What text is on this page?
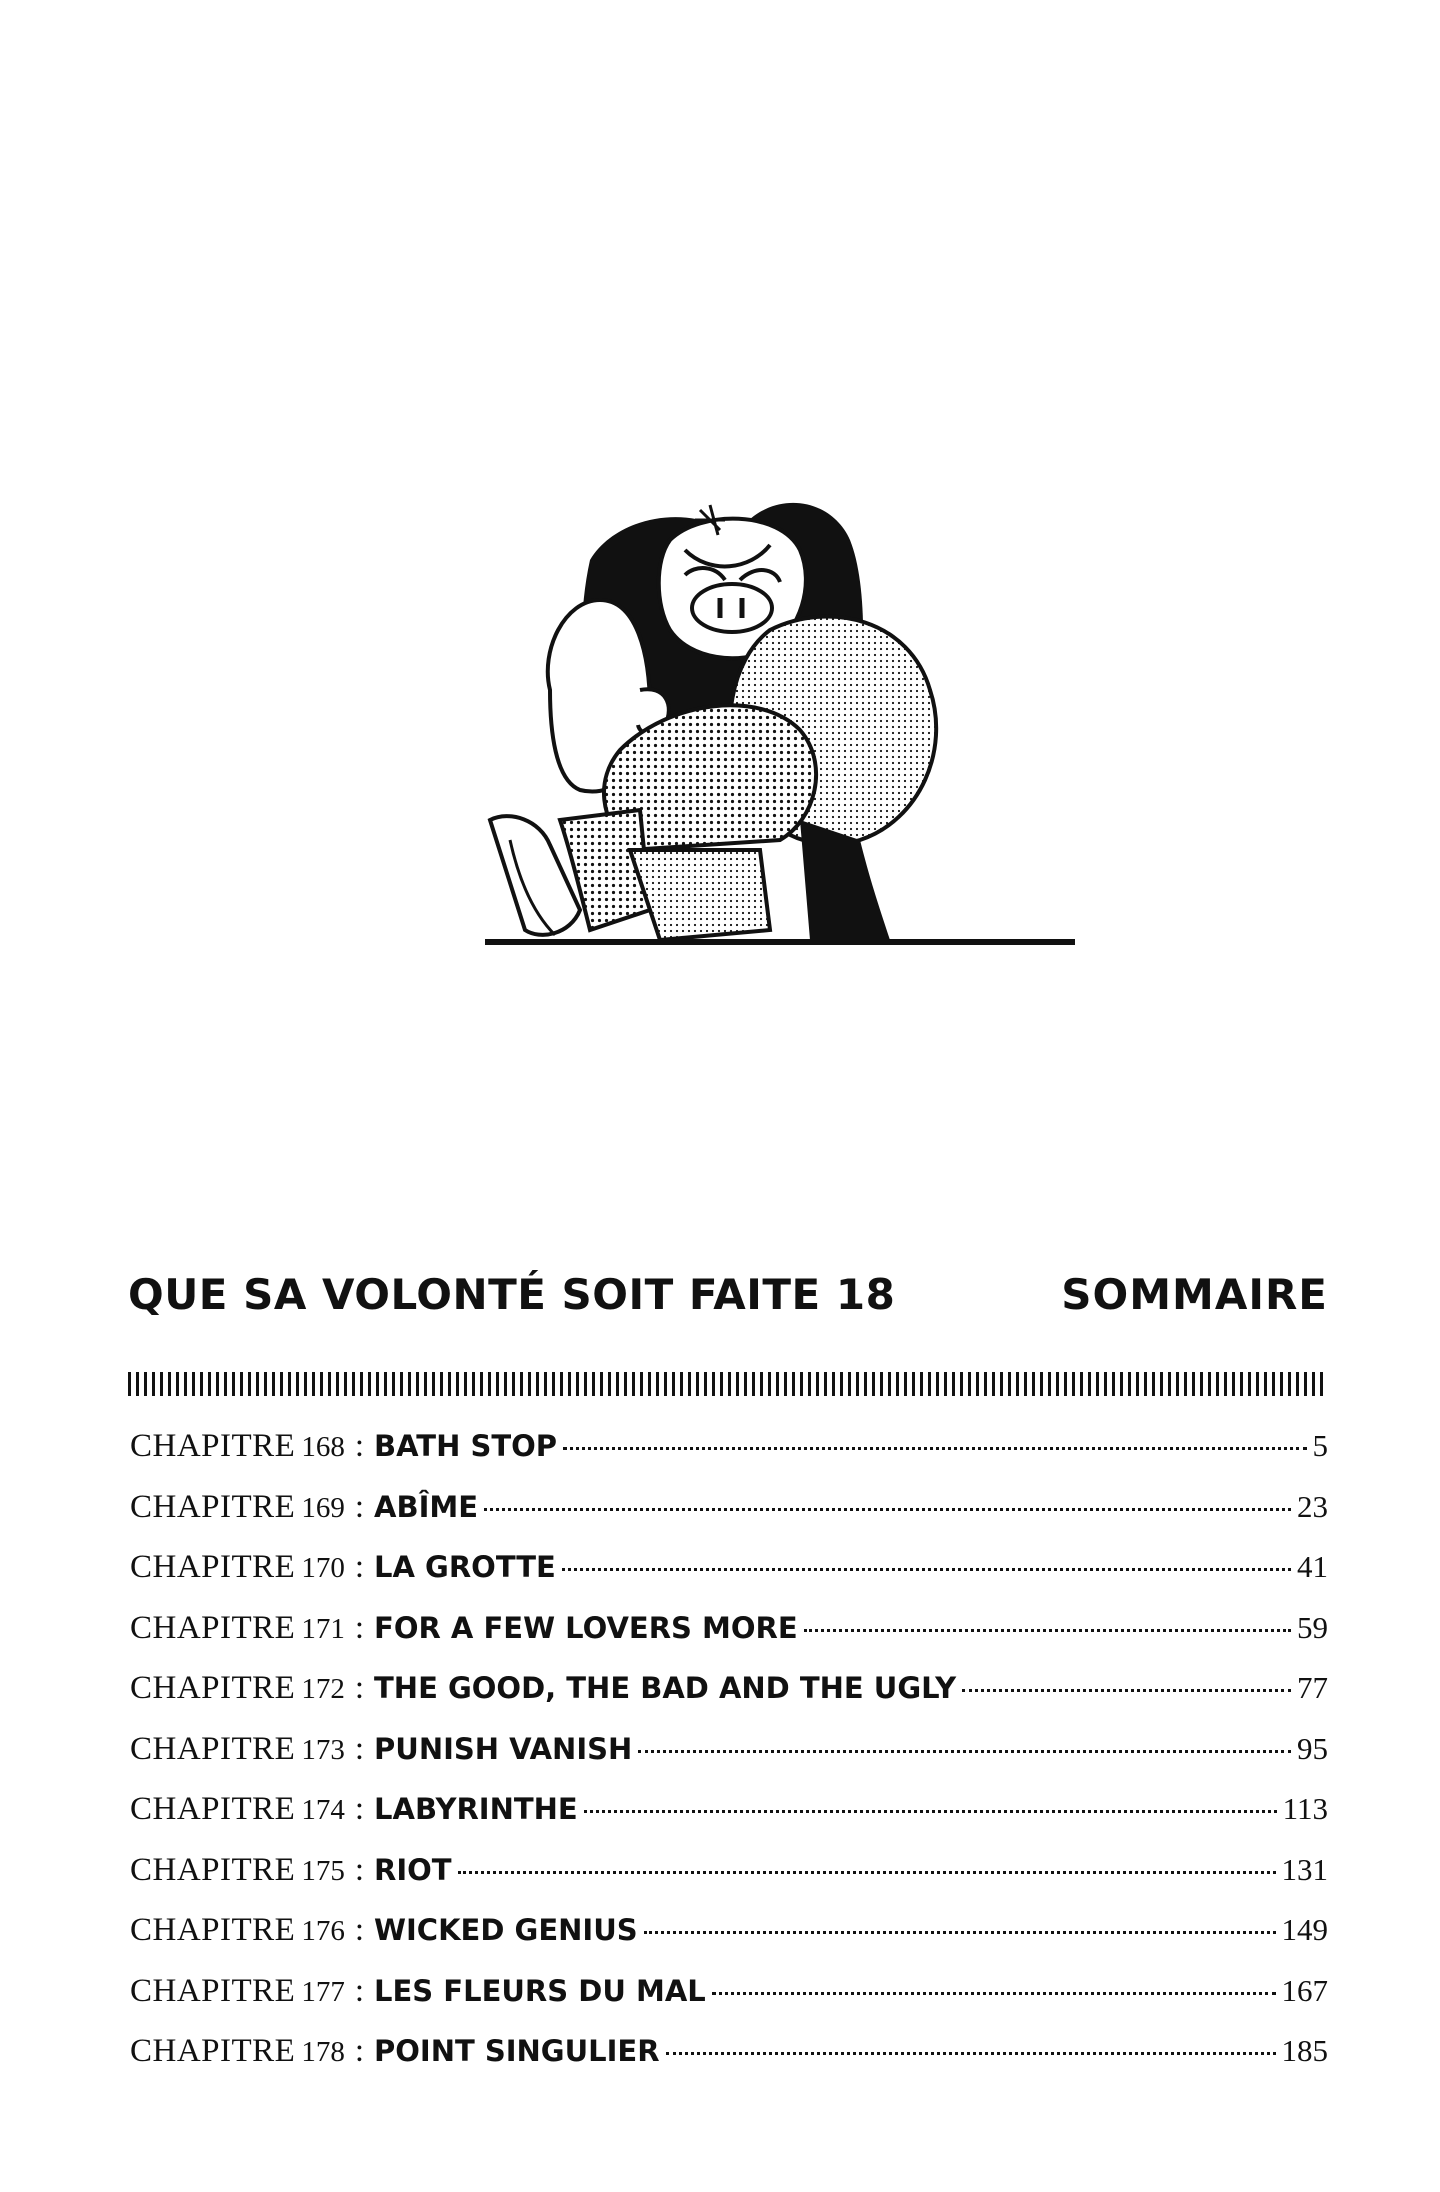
QUE SA VOLONTÉ SOIT FAITE 18	SOMMAIRE
CHAPITRE 168 : BATH STOP	5
CHAPITRE 169 : ABÎME	23
CHAPITRE 170 : LA GROTTE	41
CHAPITRE 171 : FOR A FEW LOVERS MORE	59
CHAPITRE 172 : THE GOOD, THE BAD AND THE UGLY	77
CHAPITRE 173 : PUNISH VANISH	95
CHAPITRE 174 : LABYRINTHE	113
CHAPITRE 175 : RIOT	131
CHAPITRE 176 : WICKED GENIUS	149
CHAPITRE 177 : LES FLEURS DU MAL	167
CHAPITRE 178 : POINT SINGULIER	185
